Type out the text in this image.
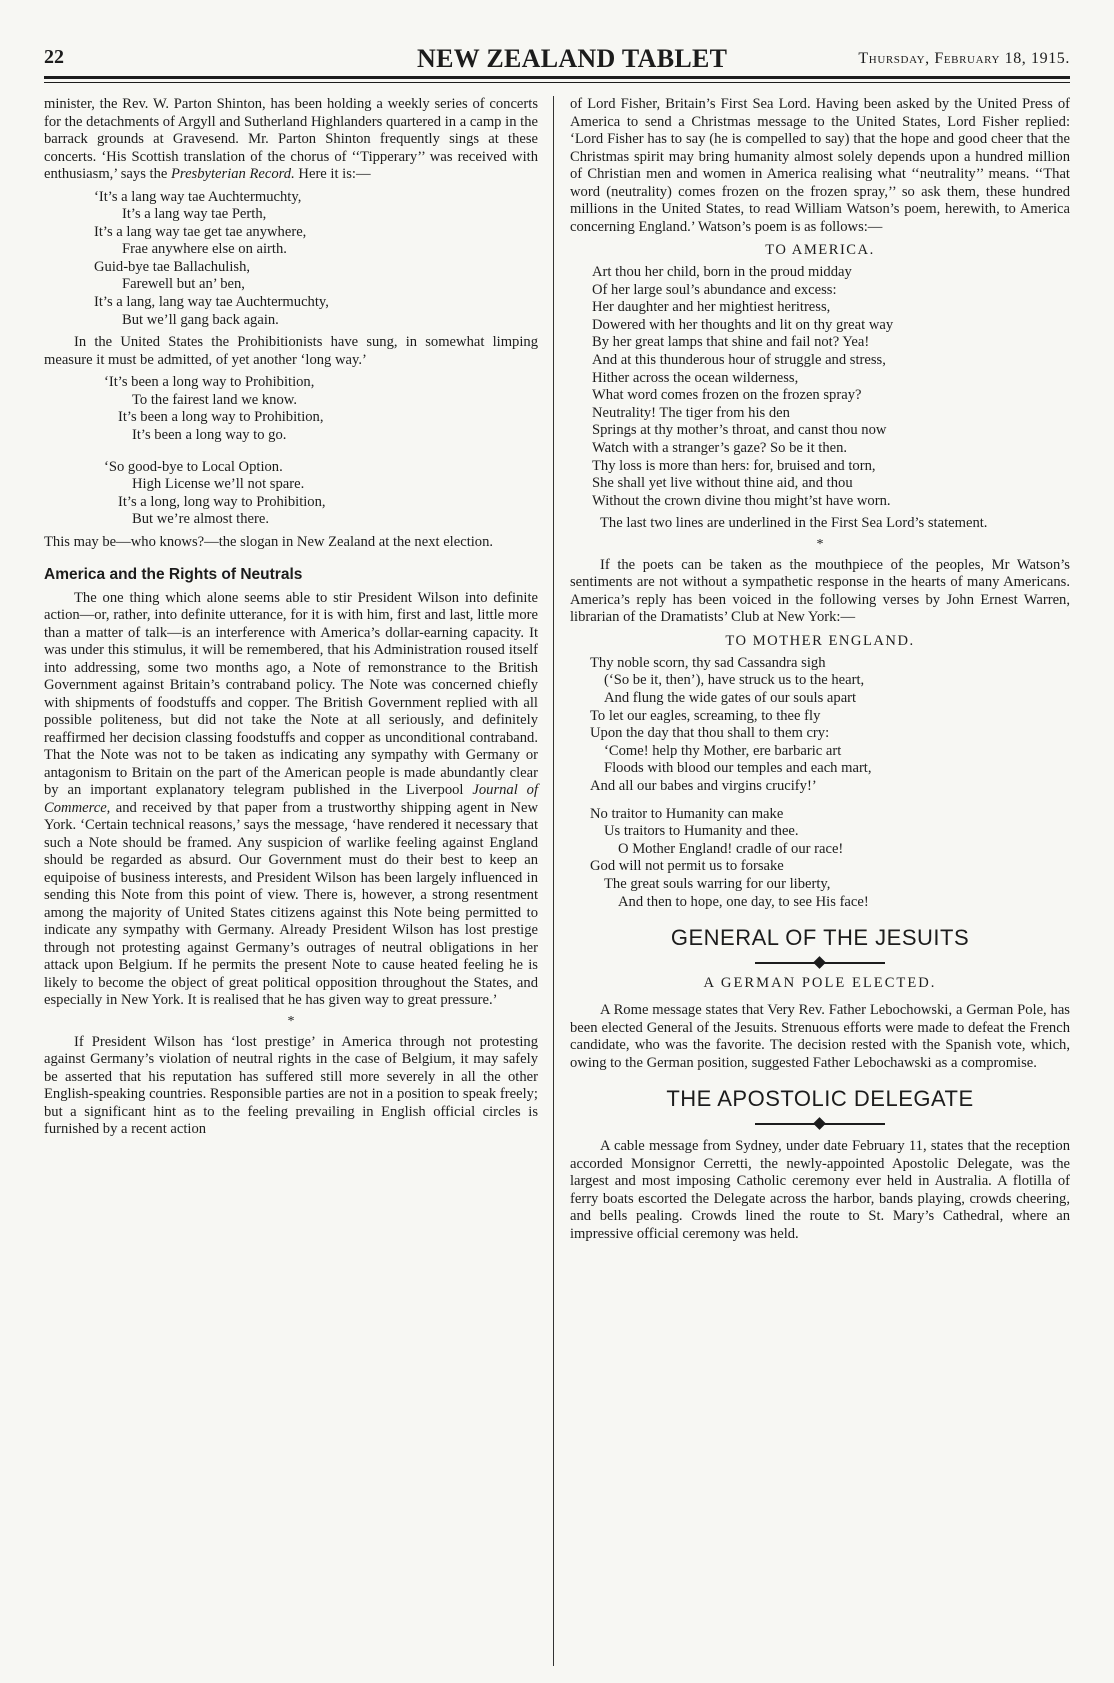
22	NEW ZEALAND TABLET	Thursday, February 18, 1915.

minister, the Rev. W. Parton Shinton, has been holding a weekly series of concerts for the detachments of Argyll and Sutherland Highlanders quartered in a camp in the barrack grounds at Gravesend. Mr. Parton Shinton frequently sings at these concerts. ‘His Scottish translation of the chorus of ‘‘Tipperary’’ was received with enthusiasm,’ says the Presbyterian Record. Here it is:—

‘It’s a lang way tae Auchtermuchty,
It’s a lang way tae Perth,
It’s a lang way tae get tae anywhere,
Frae anywhere else on airth.
Guid-bye tae Ballachulish,
Farewell but an’ ben,
It’s a lang, lang way tae Auchtermuchty,
But we’ll gang back again.

In the United States the Prohibitionists have sung, in somewhat limping measure it must be admitted, of yet another ‘long way.’

‘It’s been a long way to Prohibition,
To the fairest land we know.
It’s been a long way to Prohibition,
It’s been a long way to go.
‘So good-bye to Local Option.
High License we’ll not spare.
It’s a long, long way to Prohibition,
But we’re almost there.

This may be—who knows?—the slogan in New Zealand at the next election.

America and the Rights of Neutrals

The one thing which alone seems able to stir President Wilson into definite action—or, rather, into definite utterance, for it is with him, first and last, little more than a matter of talk—is an interference with America’s dollar-earning capacity. It was under this stimulus, it will be remembered, that his Administration roused itself into addressing, some two months ago, a Note of remonstrance to the British Government against Britain’s contraband policy. The Note was concerned chiefly with shipments of foodstuffs and copper. The British Government replied with all possible politeness, but did not take the Note at all seriously, and definitely reaffirmed her decision classing foodstuffs and copper as unconditional contraband. That the Note was not to be taken as indicating any sympathy with Germany or antagonism to Britain on the part of the American people is made abundantly clear by an important explanatory telegram published in the Liverpool Journal of Commerce, and received by that paper from a trustworthy shipping agent in New York. ‘Certain technical reasons,’ says the message, ‘have rendered it necessary that such a Note should be framed. Any suspicion of warlike feeling against England should be regarded as absurd. Our Government must do their best to keep an equipoise of business interests, and President Wilson has been largely influenced in sending this Note from this point of view. There is, however, a strong resentment among the majority of United States citizens against this Note being permitted to indicate any sympathy with Germany. Already President Wilson has lost prestige through not protesting against Germany’s outrages of neutral obligations in her attack upon Belgium. If he permits the present Note to cause heated feeling he is likely to become the object of great political opposition throughout the States, and especially in New York. It is realised that he has given way to great pressure.’

*

If President Wilson has ‘lost prestige’ in America through not protesting against Germany’s violation of neutral rights in the case of Belgium, it may safely be asserted that his reputation has suffered still more severely in all the other English-speaking countries. Responsible parties are not in a position to speak freely; but a significant hint as to the feeling prevailing in English official circles is furnished by a recent action

of Lord Fisher, Britain’s First Sea Lord. Having been asked by the United Press of America to send a Christmas message to the United States, Lord Fisher replied: ‘Lord Fisher has to say (he is compelled to say) that the hope and good cheer that the Christmas spirit may bring humanity almost solely depends upon a hundred million of Christian men and women in America realising what ‘‘neutrality’’ means. ‘‘That word (neutrality) comes frozen on the frozen spray,’’ so ask them, these hundred millions in the United States, to read William Watson’s poem, herewith, to America concerning England.’ Watson’s poem is as follows:—

TO AMERICA.
Art thou her child, born in the proud midday
Of her large soul’s abundance and excess:
Her daughter and her mightiest heritress,
Dowered with her thoughts and lit on thy great way
By her great lamps that shine and fail not? Yea!
And at this thunderous hour of struggle and stress,
Hither across the ocean wilderness,
What word comes frozen on the frozen spray?
Neutrality! The tiger from his den
Springs at thy mother’s throat, and canst thou now
Watch with a stranger’s gaze? So be it then.
Thy loss is more than hers: for, bruised and torn,
She shall yet live without thine aid, and thou
Without the crown divine thou might’st have worn.

The last two lines are underlined in the First Sea Lord’s statement.

*

If the poets can be taken as the mouthpiece of the peoples, Mr Watson’s sentiments are not without a sympathetic response in the hearts of many Americans. America’s reply has been voiced in the following verses by John Ernest Warren, librarian of the Dramatists’ Club at New York:—

TO MOTHER ENGLAND.
Thy noble scorn, thy sad Cassandra sigh
(‘So be it, then’), have struck us to the heart,
And flung the wide gates of our souls apart
To let our eagles, screaming, to thee fly
Upon the day that thou shall to them cry:
‘Come! help thy Mother, ere barbaric art
Floods with blood our temples and each mart,
And all our babes and virgins crucify!’
No traitor to Humanity can make
Us traitors to Humanity and thee.
O Mother England! cradle of our race!
God will not permit us to forsake
The great souls warring for our liberty,
And then to hope, one day, to see His face!
GENERAL OF THE JESUITS
A GERMAN POLE ELECTED.

A Rome message states that Very Rev. Father Lebochowski, a German Pole, has been elected General of the Jesuits. Strenuous efforts were made to defeat the French candidate, who was the favorite. The decision rested with the Spanish vote, which, owing to the German position, suggested Father Lebochawski as a compromise.

THE APOSTOLIC DELEGATE

A cable message from Sydney, under date February 11, states that the reception accorded Monsignor Cerretti, the newly-appointed Apostolic Delegate, was the largest and most imposing Catholic ceremony ever held in Australia. A flotilla of ferry boats escorted the Delegate across the harbor, bands playing, crowds cheering, and bells pealing. Crowds lined the route to St. Mary’s Cathedral, where an impressive official ceremony was held.
